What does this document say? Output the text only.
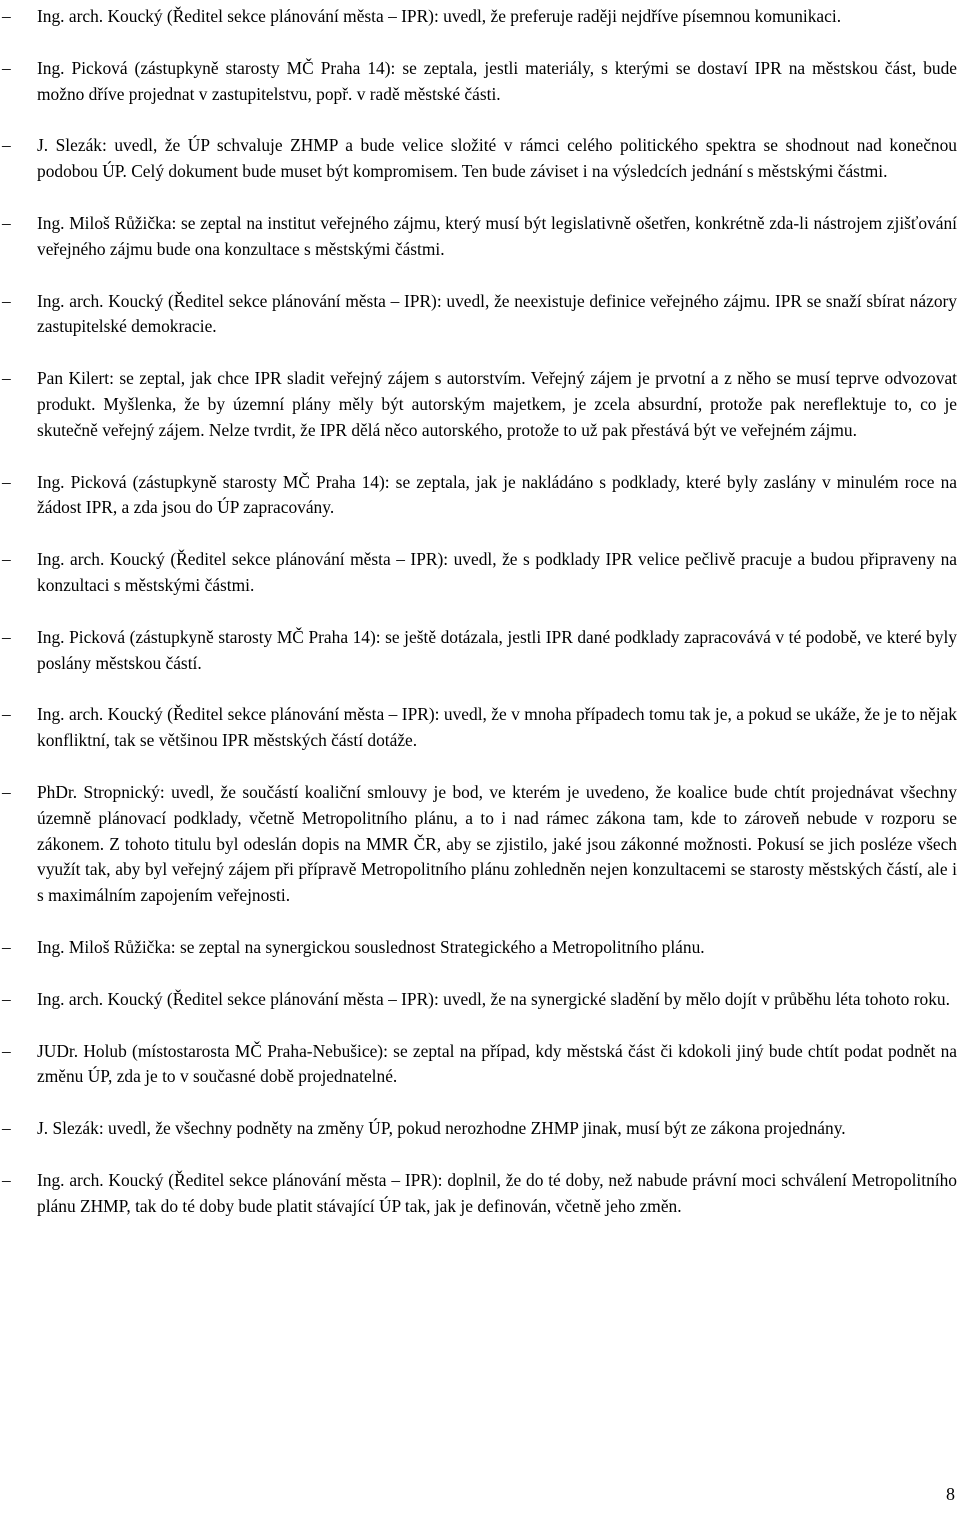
–	Ing. arch. Koucký (Ředitel sekce plánování města – IPR): uvedl, že preferuje raději nejdříve písemnou komunikaci.
–	Ing. Picková (zástupkyně starosty MČ Praha 14): se zeptala, jestli materiály, s kterými se dostaví IPR na městskou část, bude možno dříve projednat v zastupitelstvu, popř. v radě městské části.
–	J. Slezák: uvedl, že ÚP schvaluje ZHMP a bude velice složité v rámci celého politického spektra se shodnout nad konečnou podobou ÚP. Celý dokument bude muset být kompromisem. Ten bude záviset i na výsledcích jednání s městskými částmi.
–	Ing. Miloš Růžička: se zeptal na institut veřejného zájmu, který musí být legislativně ošetřen, konkrétně zda-li nástrojem zjišťování veřejného zájmu bude ona konzultace s městskými částmi.
–	Ing. arch. Koucký (Ředitel sekce plánování města – IPR): uvedl, že neexistuje definice veřejného zájmu. IPR se snaží sbírat názory zastupitelské demokracie.
–	Pan Kilert: se zeptal, jak chce IPR sladit veřejný zájem s autorstvím. Veřejný zájem je prvotní a z něho se musí teprve odvozovat produkt. Myšlenka, že by územní plány měly být autorským majetkem, je zcela absurdní, protože pak nereflektuje to, co je skutečně veřejný zájem. Nelze tvrdit, že IPR dělá něco autorského, protože to už pak přestává být ve veřejném zájmu.
–	Ing. Picková (zástupkyně starosty MČ Praha 14): se zeptala, jak je nakládáno s podklady, které byly zaslány v minulém roce na žádost IPR, a zda jsou do ÚP zapracovány.
–	Ing. arch. Koucký (Ředitel sekce plánování města – IPR): uvedl, že s podklady IPR velice pečlivě pracuje a budou připraveny na konzultaci s městskými částmi.
–	Ing. Picková (zástupkyně starosty MČ Praha 14): se ještě dotázala, jestli IPR dané podklady zapracovává v té podobě, ve které byly poslány městskou částí.
–	Ing. arch. Koucký (Ředitel sekce plánování města – IPR): uvedl, že v mnoha případech tomu tak je, a pokud se ukáže, že je to nějak konfliktní, tak se většinou IPR městských částí dotáže.
–	PhDr. Stropnický: uvedl, že součástí koaliční smlouvy je bod, ve kterém je uvedeno, že koalice bude chtít projednávat všechny územně plánovací podklady, včetně Metropolitního plánu, a to i nad rámec zákona tam, kde to zároveň nebude v rozporu se zákonem. Z tohoto titulu byl odeslán dopis na MMR ČR, aby se zjistilo, jaké jsou zákonné možnosti. Pokusí se jich posléze všech využít tak, aby byl veřejný zájem při přípravě Metropolitního plánu zohledněn nejen konzultacemi se starosty městských částí, ale i s maximálním zapojením veřejnosti.
–	Ing. Miloš Růžička: se zeptal na synergickou souslednost Strategického a Metropolitního plánu.
–	Ing. arch. Koucký (Ředitel sekce plánování města – IPR): uvedl, že na synergické sladění by mělo dojít v průběhu léta tohoto roku.
–	JUDr. Holub (místostarosta MČ Praha-Nebušice): se zeptal na případ, kdy městská část či kdokoli jiný bude chtít podat podnět na změnu ÚP, zda je to v současné době projednatelné.
–	J. Slezák: uvedl, že všechny podněty na změny ÚP, pokud nerozhodne ZHMP jinak, musí být ze zákona projednány.
–	Ing. arch. Koucký (Ředitel sekce plánování města – IPR): doplnil, že do té doby, než nabude právní moci schválení Metropolitního plánu ZHMP, tak do té doby bude platit stávající ÚP tak, jak je definován, včetně jeho změn.
8
